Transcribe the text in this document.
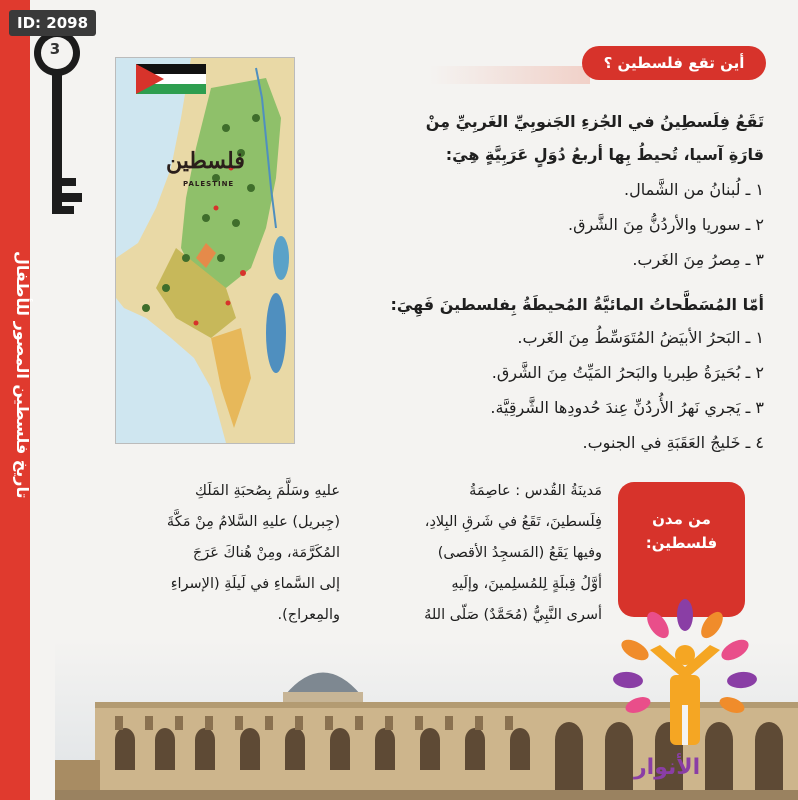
ID: 2098
تاريخ فلسطين المصور للأطفال
3
فلسطين
PALESTINE
أين تقع فلسطين ؟
تَقَعُ فِلَسطِينُ في الجُزءِ الجَنوبِيِّ الغَربِيِّ مِنْ
قارَةِ آسيا، تُحيطُ بِها أربعُ دُوَلٍ عَرَبِيَّةٍ هِيَ:
١ ـ لُبنانُ من الشَّمال.
٢ ـ سوريا والأردُنُّ مِنَ الشَّرق.
٣ ـ مِصرُ مِنَ الغَرب.
أمّا المُسَطَّحاتُ المائيَّةُ المُحيطَةُ بِفلسطينَ فَهِيَ:
١ ـ البَحرُ الأبيَضُ المُتَوَسِّطُ مِنَ الغَرب.
٢ ـ بُحَيرَةُ طِبريا والبَحرُ المَيِّتُ مِنَ الشَّرق.
٣ ـ يَجري نَهرُ الأُردُنِّ عِندَ حُدودِها الشَّرقِيَّة.
٤ ـ خَليجُ العَقَبَةِ في الجنوب.
من مدن
فلسطين:
مَدينَةُ القُدس : عاصِمَةُ
فِلَسطينَ، تَقَعُ في شَرقِ البِلادِ،
وفيها يَقَعُ (المَسجِدُ الأقصى)
أوَّلُ قِبلَةٍ لِلمُسلِمينَ، وإلَيهِ
أسرى النَّبِيُّ (مُحَمَّدٌ) صَلّى اللهُ
عليهِ وسَلَّمَ بِصُحبَةِ المَلَكِ
(جِبريل) عليهِ السَّلامُ مِنْ مَكَّةَ
المُكَرَّمَة، ومِنْ هُناكَ عَرَجَ
إلى السَّماءِ في لَيلَةِ (الإسراءِ
والمِعراج).
الأنوار
